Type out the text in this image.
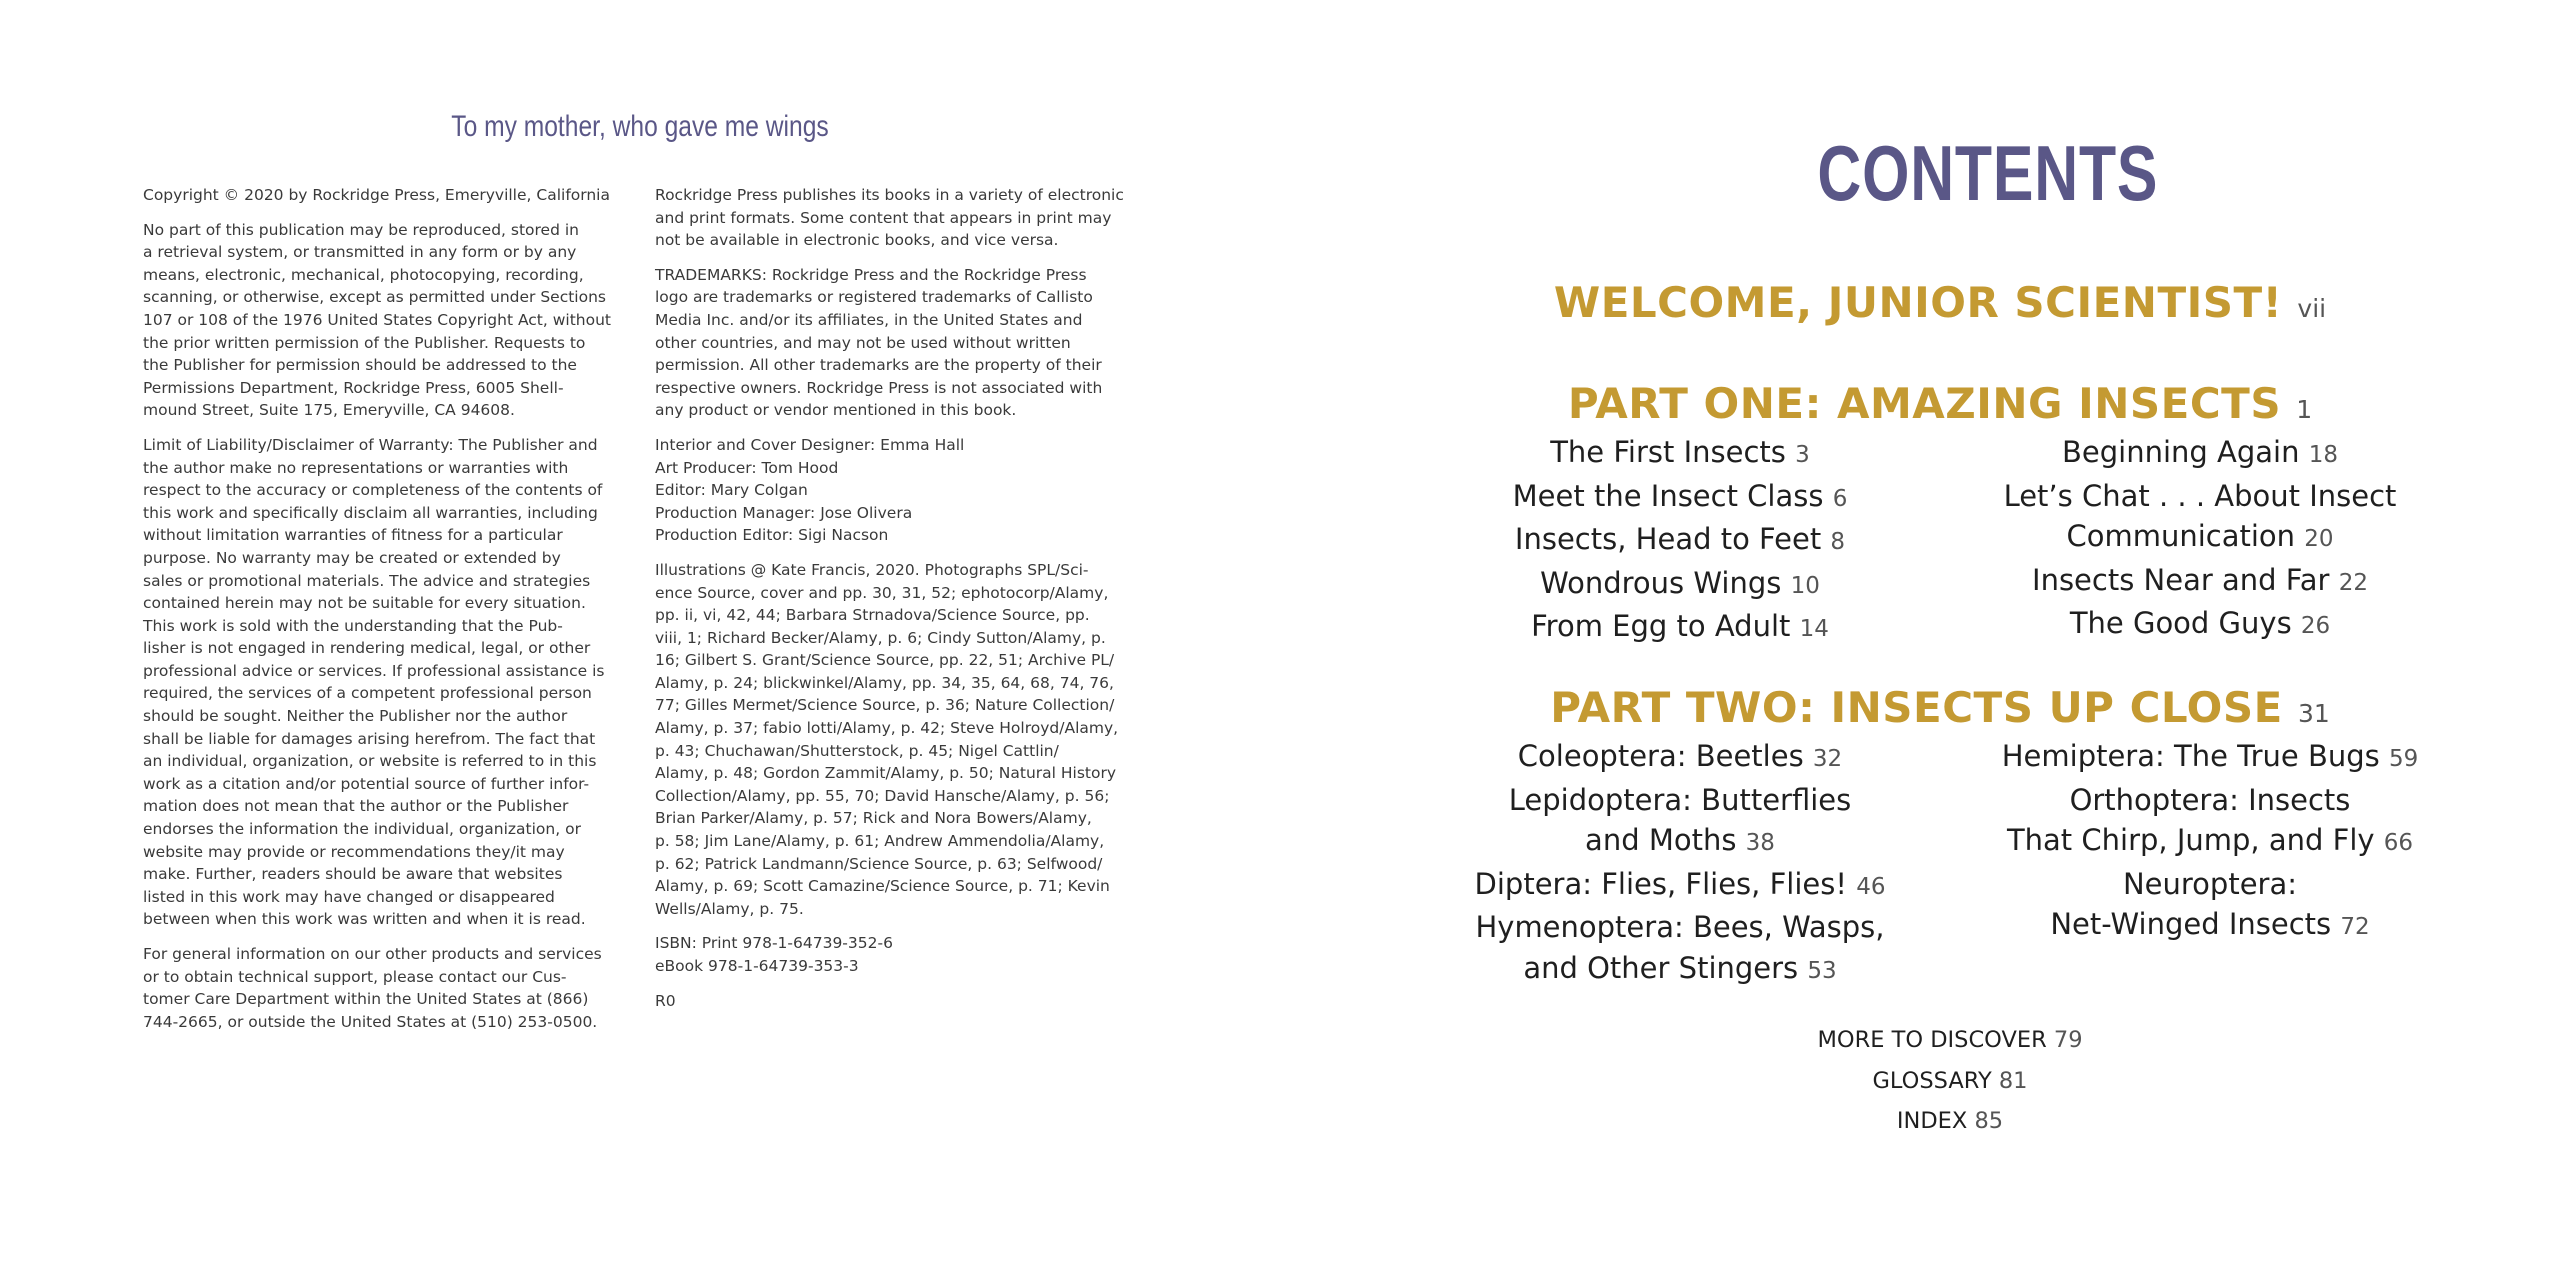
To my mother, who gave me wings

Copyright © 2020 by Rockridge Press, Emeryville, California

No part of this publication may be reproduced, stored in
a retrieval system, or transmitted in any form or by any
means, electronic, mechanical, photocopying, recording,
scanning, or otherwise, except as permitted under Sections
107 or 108 of the 1976 United States Copyright Act, without
the prior written permission of the Publisher. Requests to
the Publisher for permission should be addressed to the
Permissions Department, Rockridge Press, 6005 Shell-
mound Street, Suite 175, Emeryville, CA 94608.

Limit of Liability/Disclaimer of Warranty: The Publisher and
the author make no representations or warranties with
respect to the accuracy or completeness of the contents of
this work and specifically disclaim all warranties, including
without limitation warranties of fitness for a particular
purpose. No warranty may be created or extended by
sales or promotional materials. The advice and strategies
contained herein may not be suitable for every situation.
This work is sold with the understanding that the Pub-
lisher is not engaged in rendering medical, legal, or other
professional advice or services. If professional assistance is
required, the services of a competent professional person
should be sought. Neither the Publisher nor the author
shall be liable for damages arising herefrom. The fact that
an individual, organization, or website is referred to in this
work as a citation and/or potential source of further infor-
mation does not mean that the author or the Publisher
endorses the information the individual, organization, or
website may provide or recommendations they/it may
make. Further, readers should be aware that websites
listed in this work may have changed or disappeared
between when this work was written and when it is read.

For general information on our other products and services
or to obtain technical support, please contact our Cus-
tomer Care Department within the United States at (866)
744-2665, or outside the United States at (510) 253-0500.

Rockridge Press publishes its books in a variety of electronic
and print formats. Some content that appears in print may
not be available in electronic books, and vice versa.

TRADEMARKS: Rockridge Press and the Rockridge Press
logo are trademarks or registered trademarks of Callisto
Media Inc. and/or its affiliates, in the United States and
other countries, and may not be used without written
permission. All other trademarks are the property of their
respective owners. Rockridge Press is not associated with
any product or vendor mentioned in this book.

Interior and Cover Designer: Emma Hall
Art Producer: Tom Hood
Editor: Mary Colgan
Production Manager: Jose Olivera
Production Editor: Sigi Nacson

Illustrations @ Kate Francis, 2020. Photographs SPL/Sci-
ence Source, cover and pp. 30, 31, 52; ephotocorp/Alamy,
pp. ii, vi, 42, 44; Barbara Strnadova/Science Source, pp.
viii, 1; Richard Becker/Alamy, p. 6; Cindy Sutton/Alamy, p.
16; Gilbert S. Grant/Science Source, pp. 22, 51; Archive PL/
Alamy, p. 24; blickwinkel/Alamy, pp. 34, 35, 64, 68, 74, 76,
77; Gilles Mermet/Science Source, p. 36; Nature Collection/
Alamy, p. 37; fabio lotti/Alamy, p. 42; Steve Holroyd/Alamy,
p. 43; Chuchawan/Shutterstock, p. 45; Nigel Cattlin/
Alamy, p. 48; Gordon Zammit/Alamy, p. 50; Natural History
Collection/Alamy, pp. 55, 70; David Hansche/Alamy, p. 56;
Brian Parker/Alamy, p. 57; Rick and Nora Bowers/Alamy,
p. 58; Jim Lane/Alamy, p. 61; Andrew Ammendolia/Alamy,
p. 62; Patrick Landmann/Science Source, p. 63; Selfwood/
Alamy, p. 69; Scott Camazine/Science Source, p. 71; Kevin
Wells/Alamy, p. 75.

ISBN: Print 978-1-64739-352-6
eBook 978-1-64739-353-3

R0

CONTENTS
WELCOME, JUNIOR SCIENTIST! vii
PART ONE: AMAZING INSECTS 1
The First Insects 3
Meet the Insect Class 6
Insects, Head to Feet 8
Wondrous Wings 10
From Egg to Adult 14
Beginning Again 18
Let’s Chat . . . About Insect
Communication 20
Insects Near and Far 22
The Good Guys 26
PART TWO: INSECTS UP CLOSE 31
Coleoptera: Beetles 32
Lepidoptera: Butterflies
and Moths 38
Diptera: Flies, Flies, Flies! 46
Hymenoptera: Bees, Wasps,
and Other Stingers 53
Hemiptera: The True Bugs 59
Orthoptera: Insects
That Chirp, Jump, and Fly 66
Neuroptera:
Net-Winged Insects 72
MORE TO DISCOVER 79
GLOSSARY 81
INDEX 85
